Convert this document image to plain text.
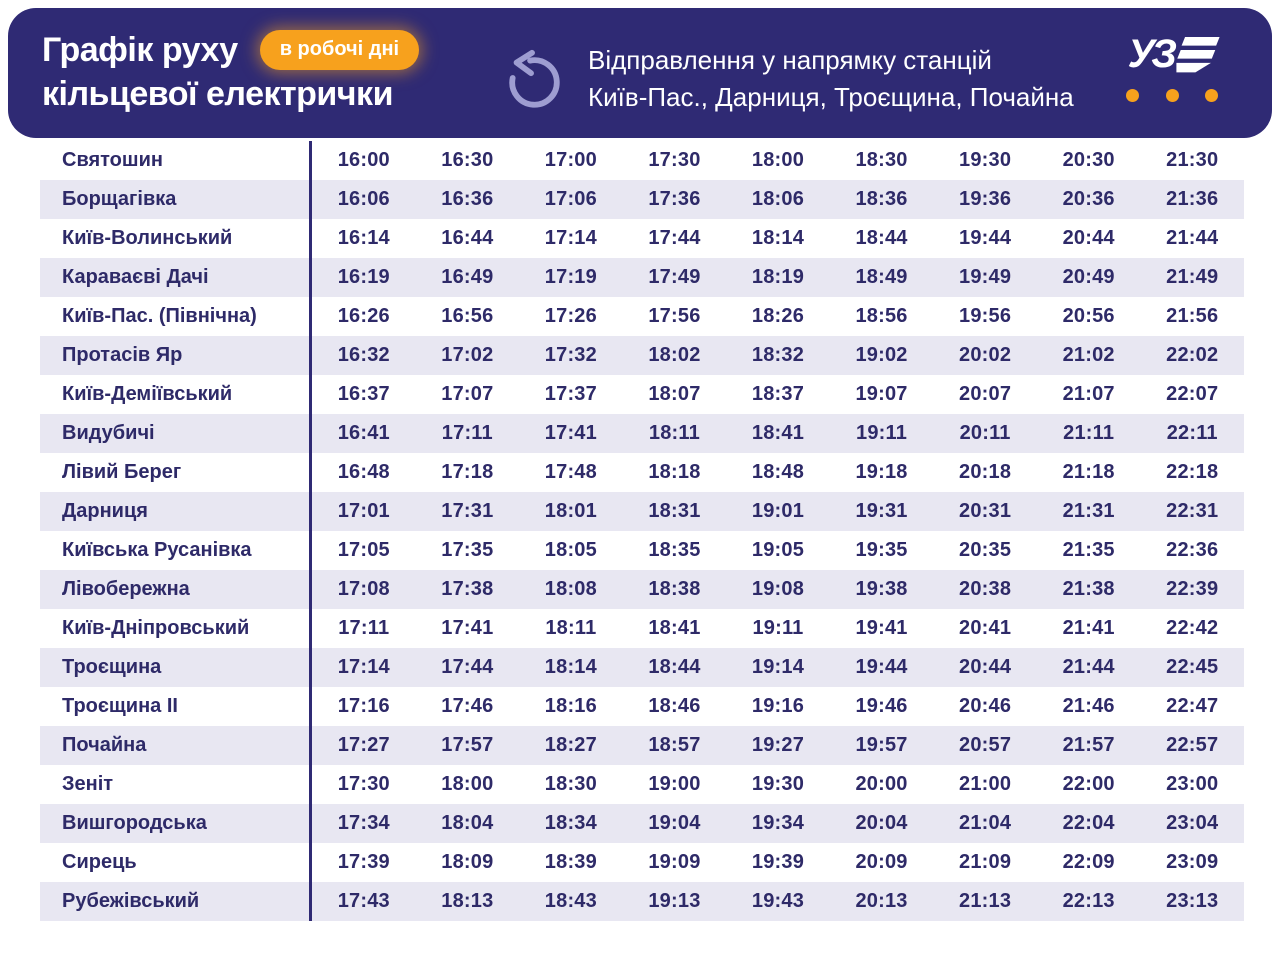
Графік руху	в робочі дні
кільцевої електрички
Відправлення у напрямку станцій
Київ-Пас., Дарниця, Троєщина, Почайна
УЗ
Святошин	16:00	16:30	17:00	17:30	18:00	18:30	19:30	20:30	21:30
Борщагівка	16:06	16:36	17:06	17:36	18:06	18:36	19:36	20:36	21:36
Київ-Волинський	16:14	16:44	17:14	17:44	18:14	18:44	19:44	20:44	21:44
Караваєві Дачі	16:19	16:49	17:19	17:49	18:19	18:49	19:49	20:49	21:49
Київ-Пас. (Північна)	16:26	16:56	17:26	17:56	18:26	18:56	19:56	20:56	21:56
Протасів Яр	16:32	17:02	17:32	18:02	18:32	19:02	20:02	21:02	22:02
Київ-Деміївський	16:37	17:07	17:37	18:07	18:37	19:07	20:07	21:07	22:07
Видубичі	16:41	17:11	17:41	18:11	18:41	19:11	20:11	21:11	22:11
Лівий Берег	16:48	17:18	17:48	18:18	18:48	19:18	20:18	21:18	22:18
Дарниця	17:01	17:31	18:01	18:31	19:01	19:31	20:31	21:31	22:31
Київська Русанівка	17:05	17:35	18:05	18:35	19:05	19:35	20:35	21:35	22:36
Лівобережна	17:08	17:38	18:08	18:38	19:08	19:38	20:38	21:38	22:39
Київ-Дніпровський	17:11	17:41	18:11	18:41	19:11	19:41	20:41	21:41	22:42
Троєщина	17:14	17:44	18:14	18:44	19:14	19:44	20:44	21:44	22:45
Троєщина II	17:16	17:46	18:16	18:46	19:16	19:46	20:46	21:46	22:47
Почайна	17:27	17:57	18:27	18:57	19:27	19:57	20:57	21:57	22:57
Зеніт	17:30	18:00	18:30	19:00	19:30	20:00	21:00	22:00	23:00
Вишгородська	17:34	18:04	18:34	19:04	19:34	20:04	21:04	22:04	23:04
Сирець	17:39	18:09	18:39	19:09	19:39	20:09	21:09	22:09	23:09
Рубежівський	17:43	18:13	18:43	19:13	19:43	20:13	21:13	22:13	23:13
